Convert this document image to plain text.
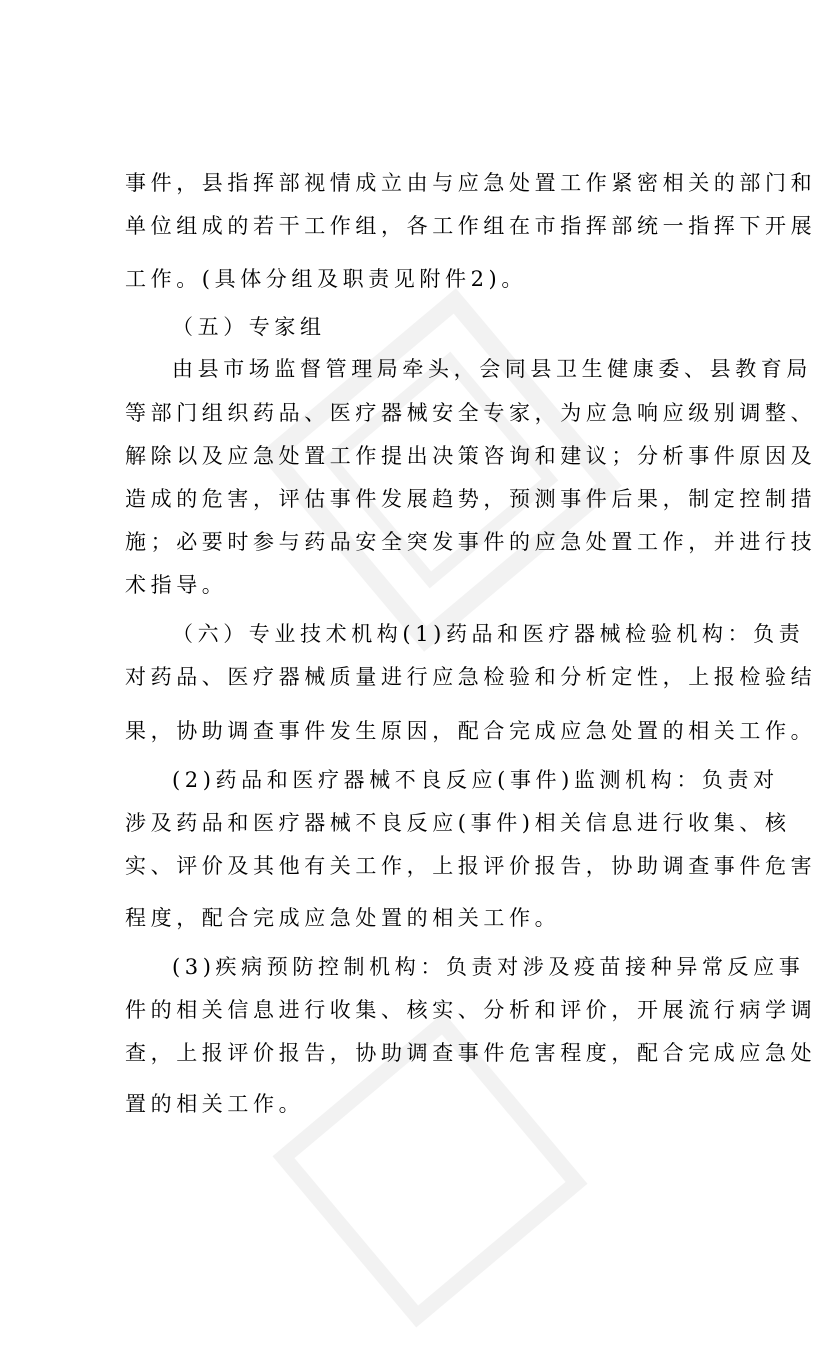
事件，县指挥部视情成立由与应急处置工作紧密相关的部门和
单位组成的若干工作组，各工作组在市指挥部统一指挥下开展
工作。(具体分组及职责见附件2)。
（五）专家组
由县市场监督管理局牵头，会同县卫生健康委、县教育局
等部门组织药品、医疗器械安全专家，为应急响应级别调整、
解除以及应急处置工作提出决策咨询和建议；分析事件原因及
造成的危害，评估事件发展趋势，预测事件后果，制定控制措
施；必要时参与药品安全突发事件的应急处置工作，并进行技
术指导。
（六）专业技术机构(1)药品和医疗器械检验机构：负责
对药品、医疗器械质量进行应急检验和分析定性，上报检验结
果，协助调查事件发生原因，配合完成应急处置的相关工作。
(2)药品和医疗器械不良反应(事件)监测机构：负责对
涉及药品和医疗器械不良反应(事件)相关信息进行收集、核
实、评价及其他有关工作，上报评价报告，协助调查事件危害
程度，配合完成应急处置的相关工作。
(3)疾病预防控制机构：负责对涉及疫苗接种异常反应事
件的相关信息进行收集、核实、分析和评价，开展流行病学调
查，上报评价报告，协助调查事件危害程度，配合完成应急处
置的相关工作。
